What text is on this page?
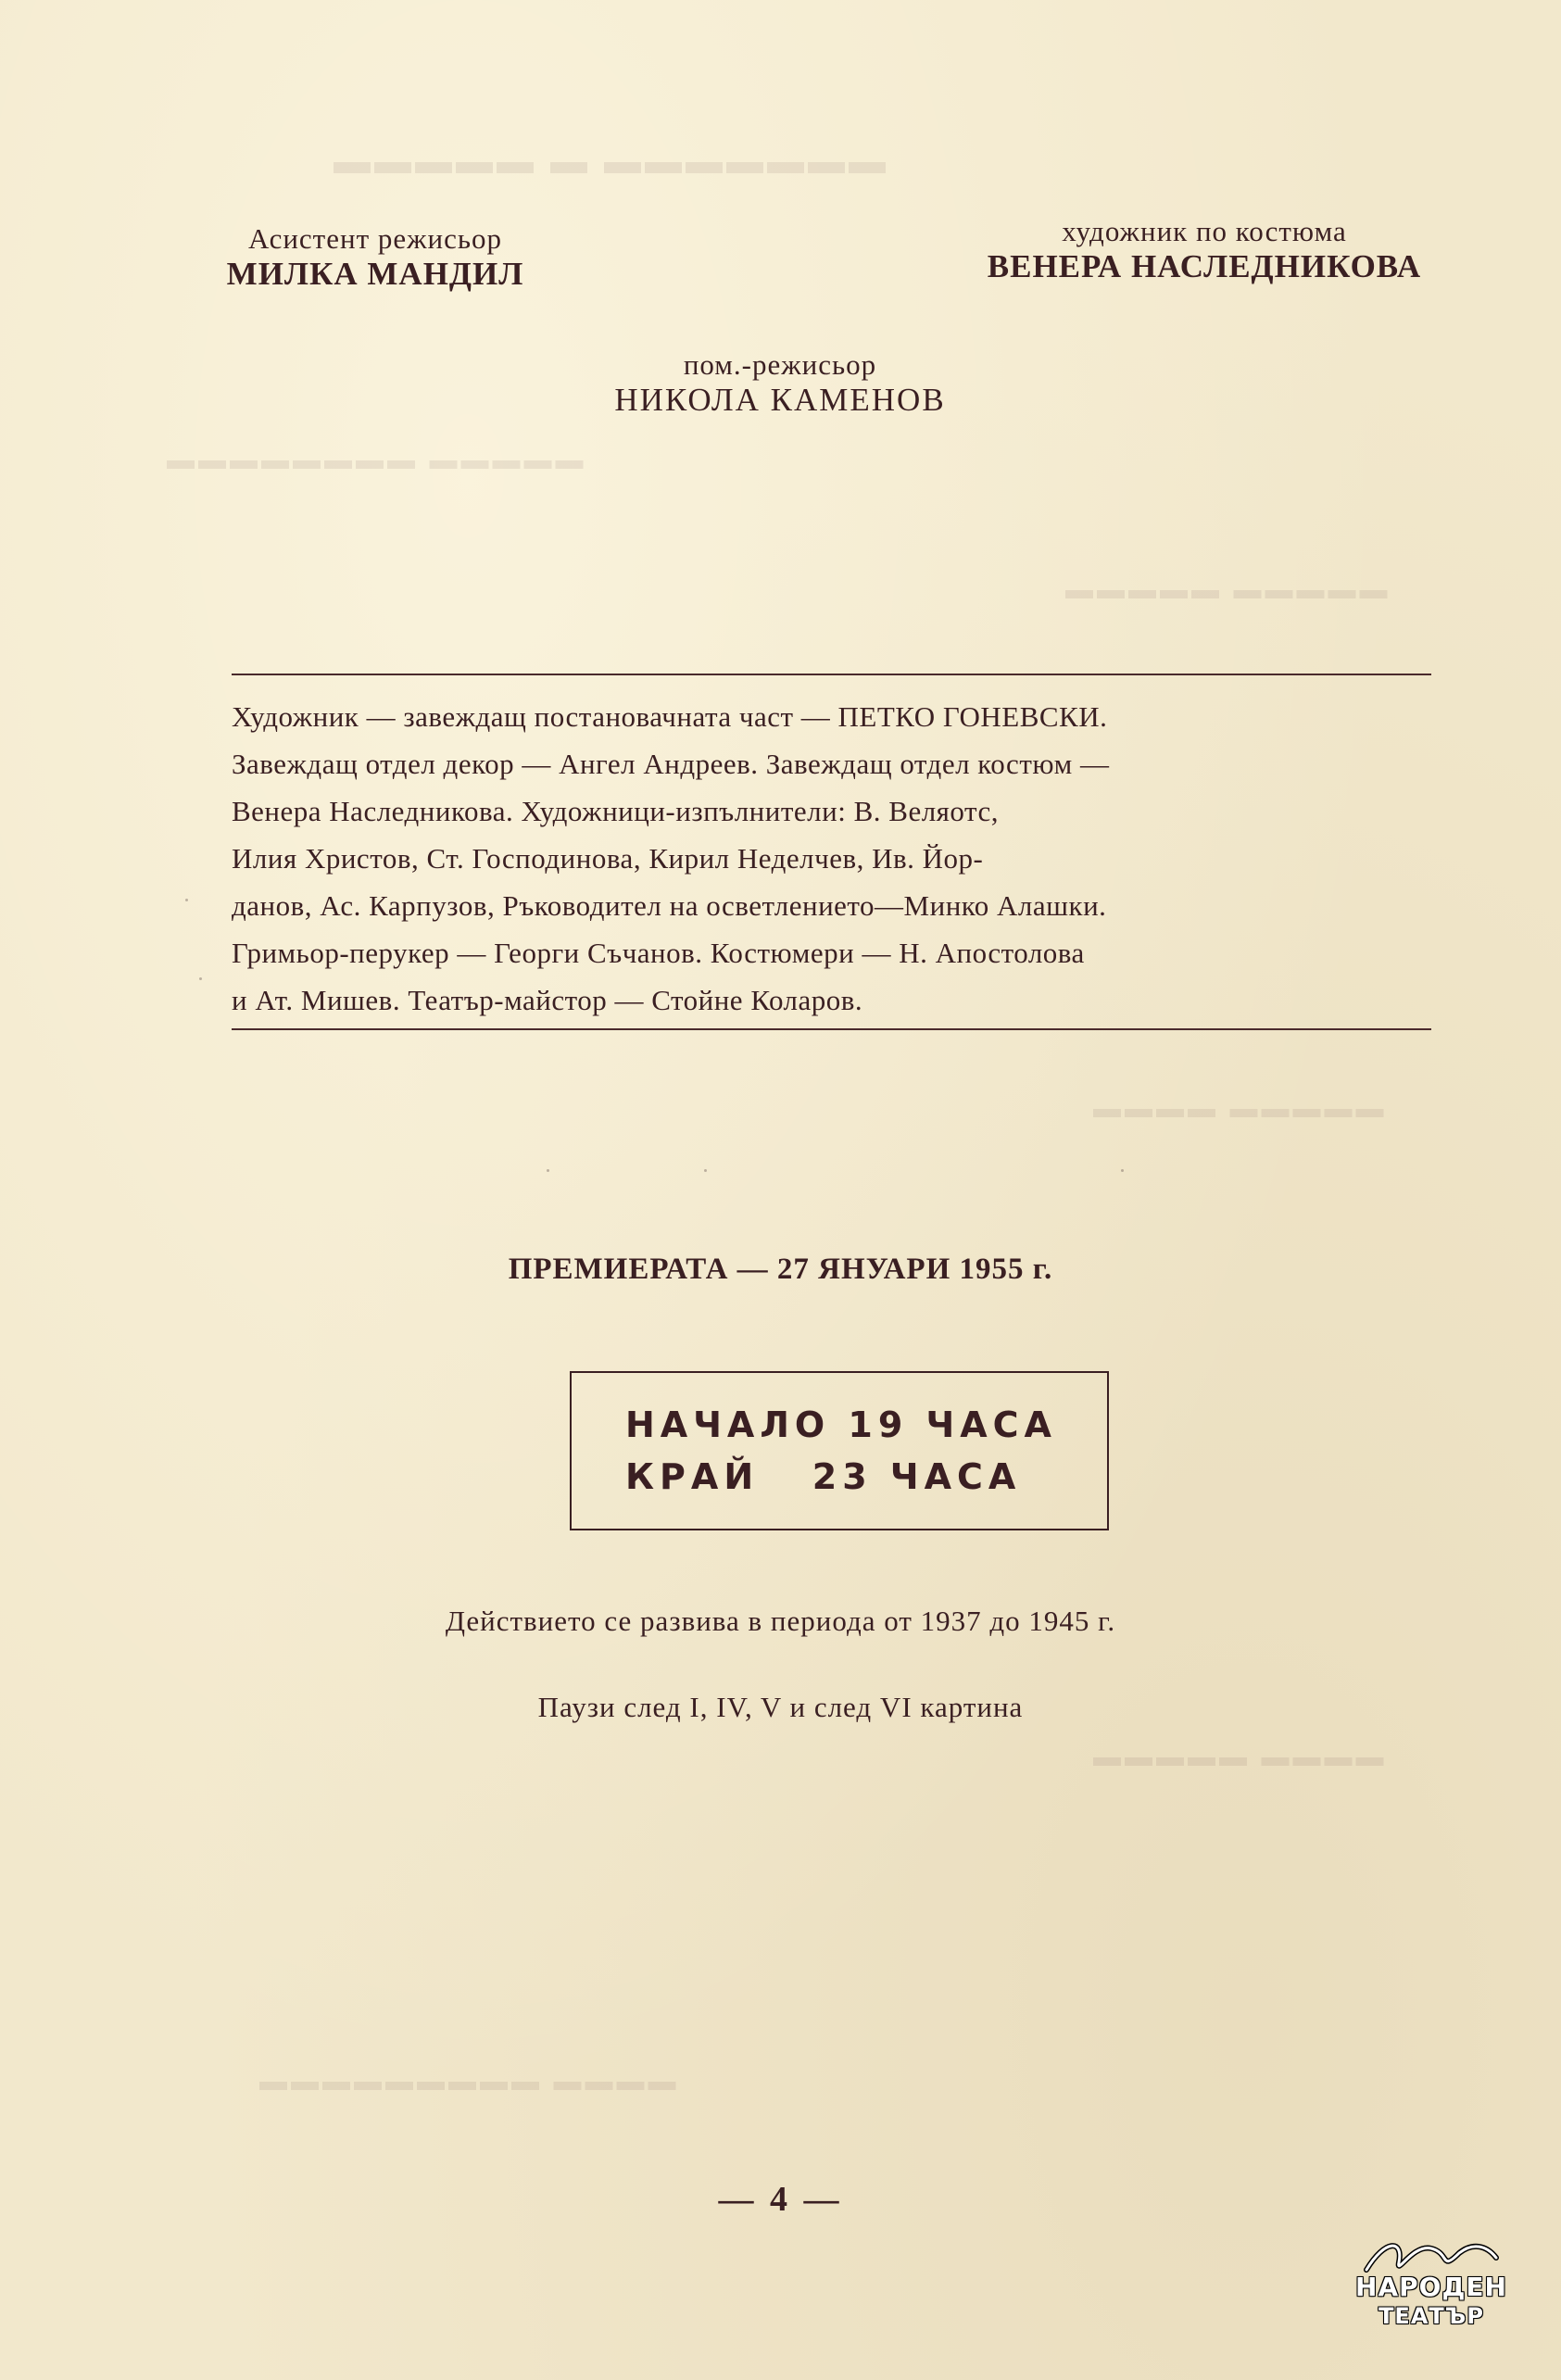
▬▬▬▬▬ ▬ ▬▬▬▬▬▬▬
▬▬▬▬▬▬▬▬ ▬▬▬▬▬
▬▬▬▬▬ ▬▬▬▬▬
▬▬▬▬ ▬▬▬▬▬
▬▬▬▬▬ ▬▬▬▬
▬▬▬▬▬▬▬▬▬ ▬▬▬▬
Асистент режисьор
МИЛКА МАНДИЛ
художник по костюма
ВЕНЕРА НАСЛЕДНИКОВА
пом.-режисьор
НИКОЛА КАМЕНОВ

Художник — завеждащ постановачната част — ПЕТКО ГОНЕВСКИ.

Завеждащ отдел декор — Ангел Андреев. Завеждащ отдел костюм —

Венера Наследникова. Художници-изпълнители: В. Веляотс,

Илия Христов, Ст. Господинова, Кирил Неделчев, Ив. Йор-

данов, Ас. Карпузов, Ръководител на осветлението—Минко Алашки.

Гримьор-перукер — Георги Съчанов. Костюмери — Н. Апостолова

и Ат. Мишев. Театър-майстор — Стойне Коларов.

ПРЕМИЕРАТА — 27 ЯНУАРИ 1955 г.
НАЧАЛО 19 ЧАСА
КРАЙ   23 ЧАСА
Действието се развива в периода от 1937 до 1945 г.
Паузи след I, IV, V и след VI картина
— 4 —
НАРОДЕН
ТЕАТЪР
